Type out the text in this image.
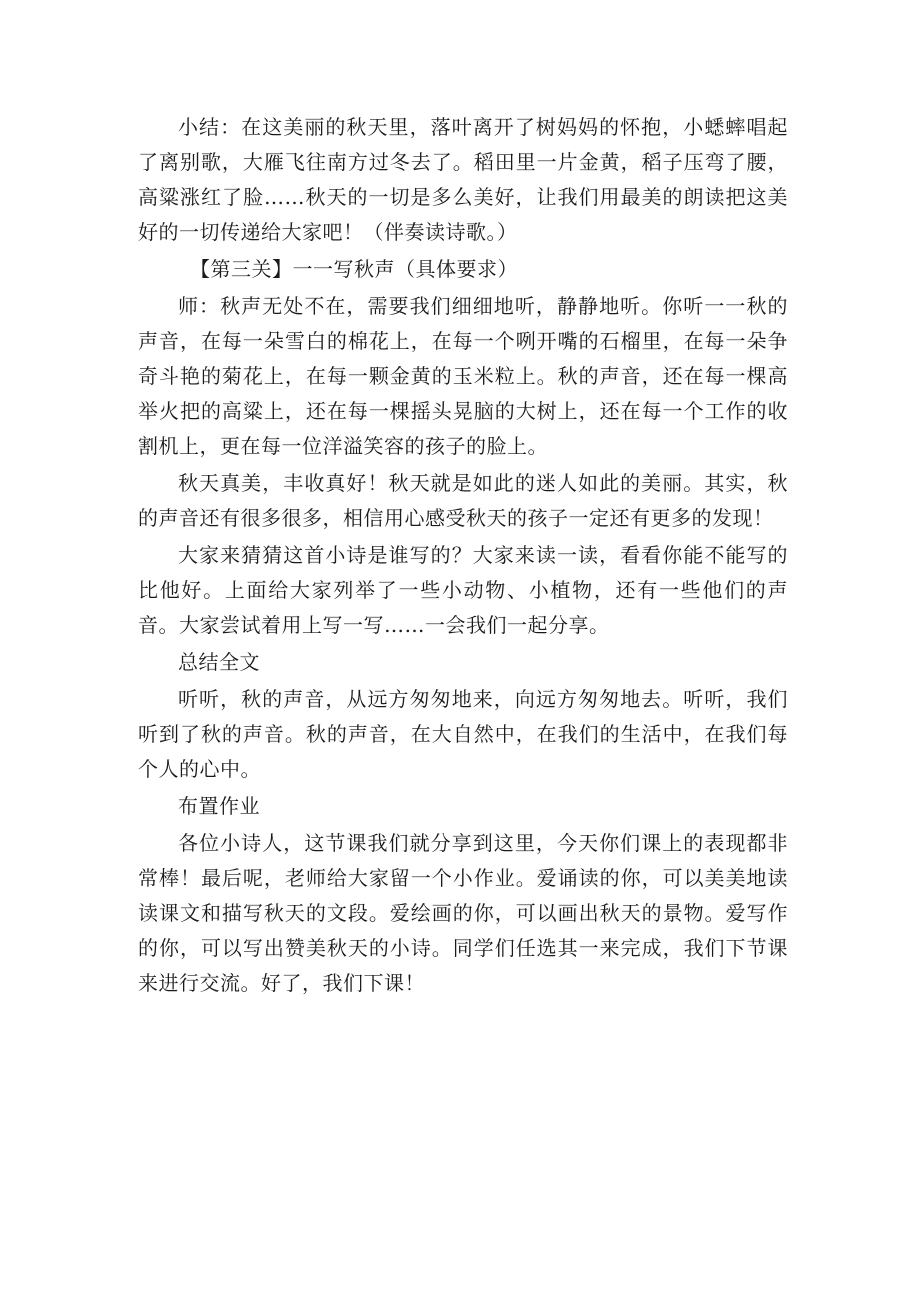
小结：在这美丽的秋天里，落叶离开了树妈妈的怀抱，小蟋蟀唱起了离别歌，大雁飞往南方过冬去了。稻田里一片金黄，稻子压弯了腰，高粱涨红了脸……秋天的一切是多么美好，让我们用最美的朗读把这美好的一切传递给大家吧！（伴奏读诗歌。）

【第三关】一一写秋声（具体要求）

师：秋声无处不在，需要我们细细地听，静静地听。你听一一秋的声音，在每一朵雪白的棉花上，在每一个咧开嘴的石榴里，在每一朵争奇斗艳的菊花上，在每一颗金黄的玉米粒上。秋的声音，还在每一棵高举火把的高粱上，还在每一棵摇头晃脑的大树上，还在每一个工作的收割机上，更在每一位洋溢笑容的孩子的脸上。

秋天真美，丰收真好！秋天就是如此的迷人如此的美丽。其实，秋的声音还有很多很多，相信用心感受秋天的孩子一定还有更多的发现！

大家来猜猜这首小诗是谁写的？大家来读一读，看看你能不能写的比他好。上面给大家列举了一些小动物、小植物，还有一些他们的声音。大家尝试着用上写一写……一会我们一起分享。

总结全文

听听，秋的声音，从远方匆匆地来，向远方匆匆地去。听听，我们听到了秋的声音。秋的声音，在大自然中，在我们的生活中，在我们每个人的心中。

布置作业

各位小诗人，这节课我们就分享到这里，今天你们课上的表现都非常棒！最后呢，老师给大家留一个小作业。爱诵读的你，可以美美地读读课文和描写秋天的文段。爱绘画的你，可以画出秋天的景物。爱写作的你，可以写出赞美秋天的小诗。同学们任选其一来完成，我们下节课来进行交流。好了，我们下课！
